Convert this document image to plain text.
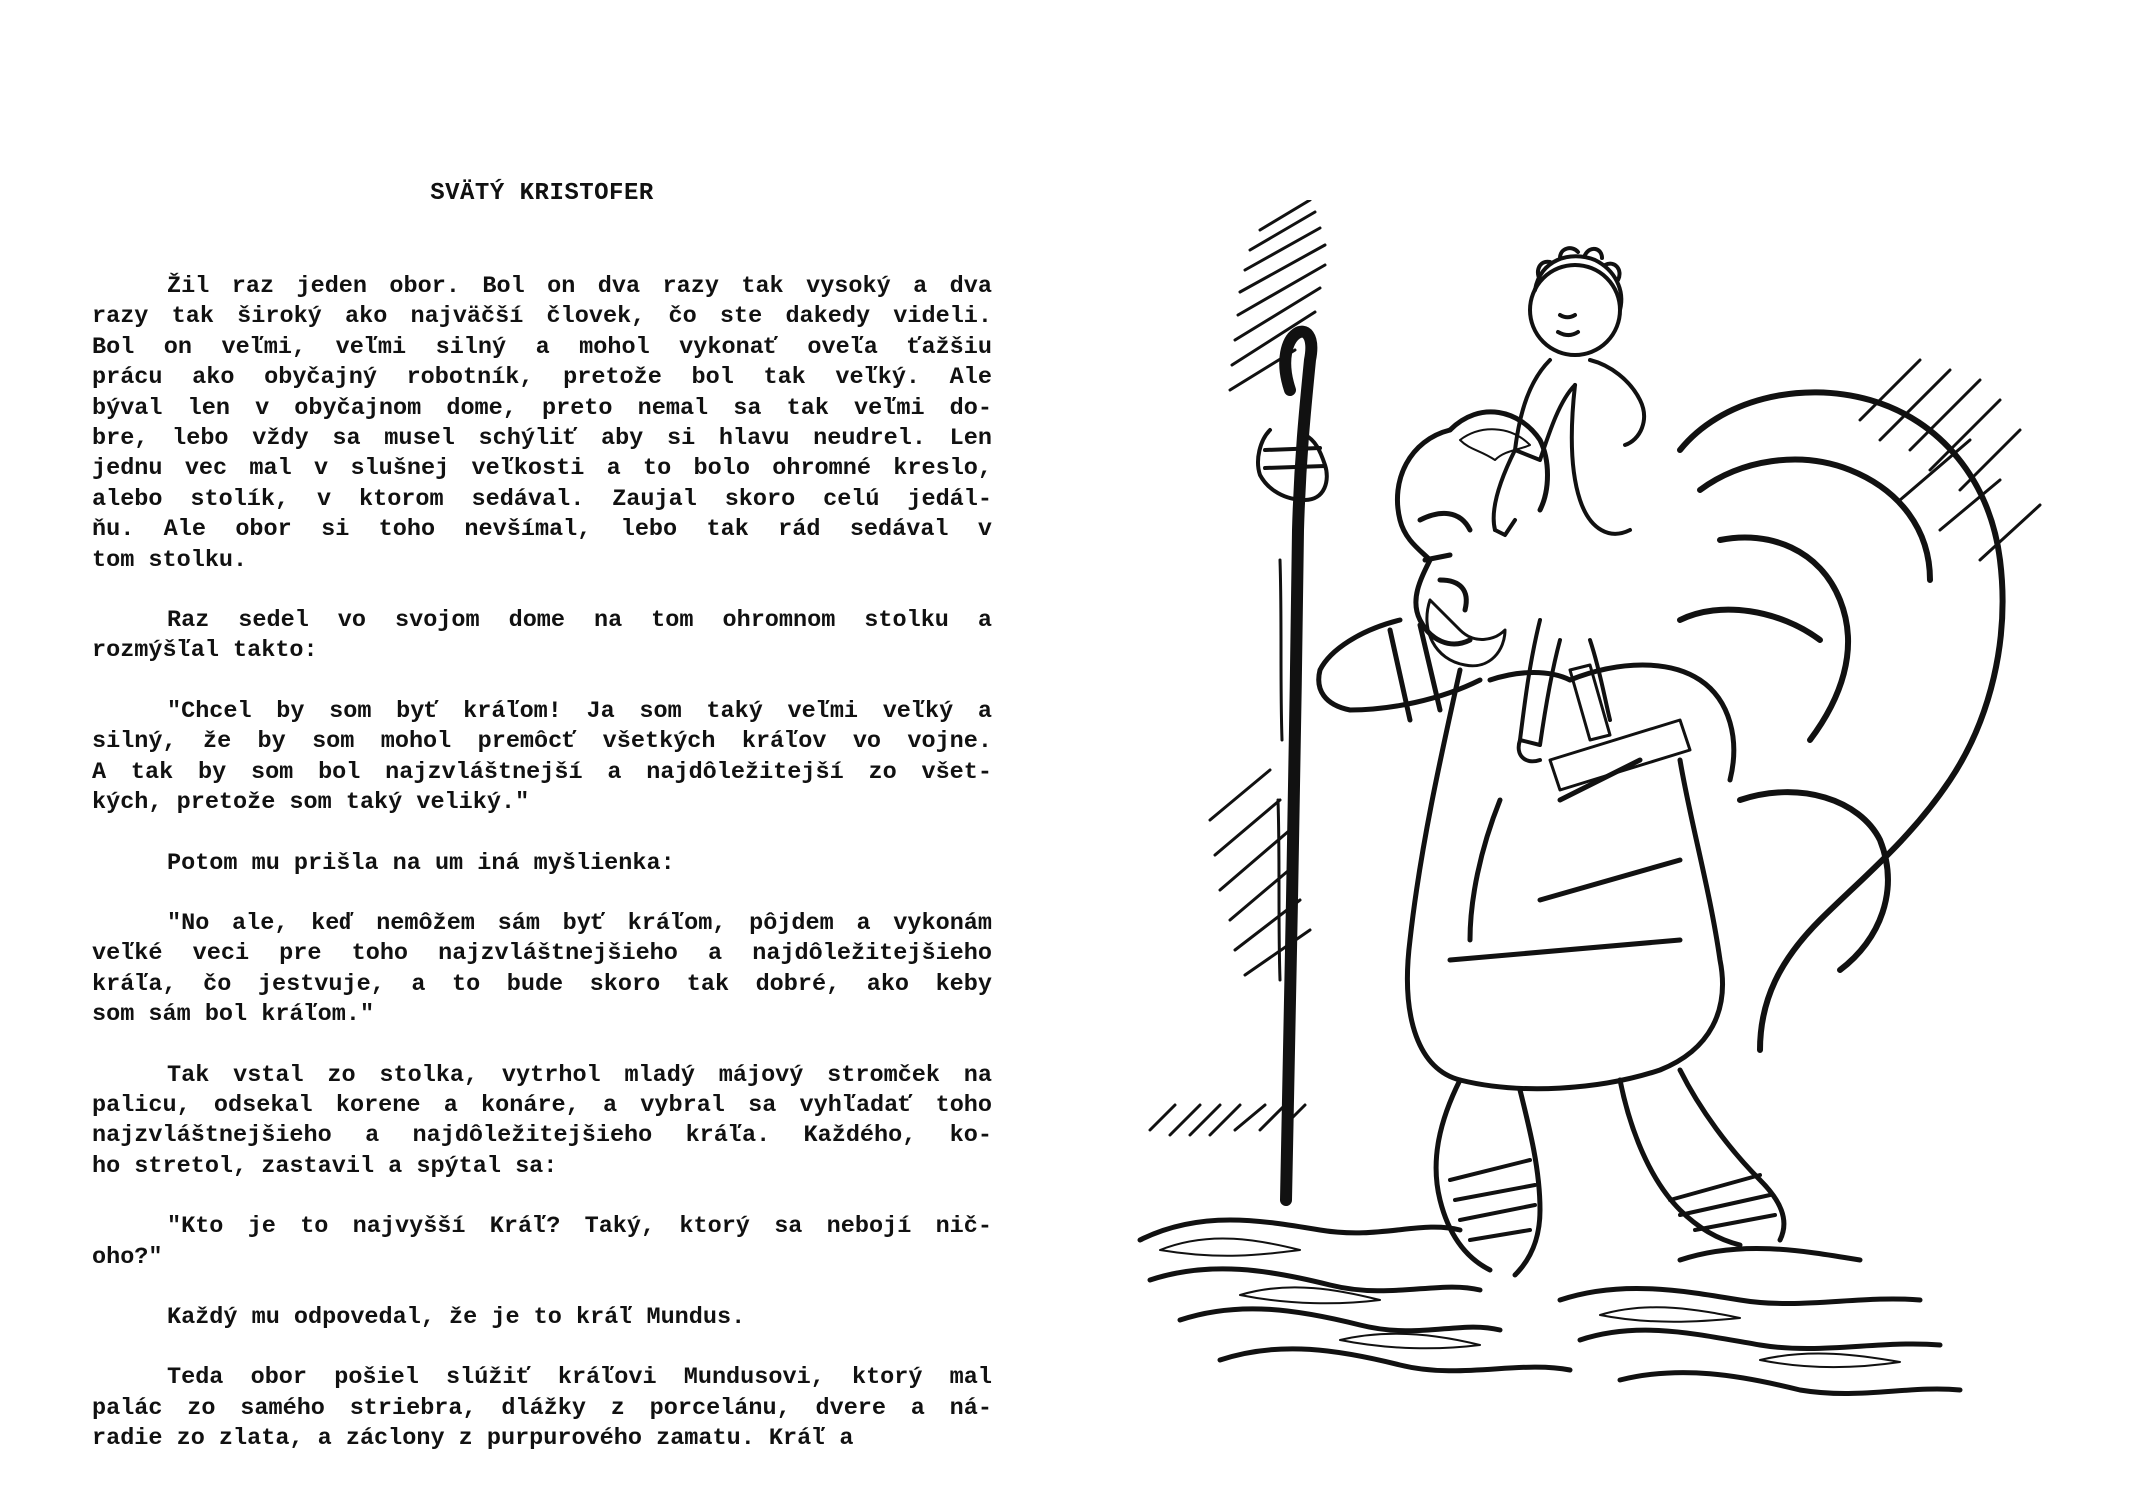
SVÄTÝ KRISTOFER
Žil raz jeden obor. Bol on dva razy tak vysoký a dva
razy tak široký ako najväčší človek, čo ste dakedy videli.
Bol on veľmi, veľmi silný a mohol vykonať oveľa ťažšiu
prácu ako obyčajný robotník, pretože bol tak veľký. Ale
býval len v obyčajnom dome, preto nemal sa tak veľmi do-
bre, lebo vždy sa musel schýliť aby si hlavu neudrel. Len
jednu vec mal v slušnej veľkosti a to bolo ohromné kreslo,
alebo stolík, v ktorom sedával. Zaujal skoro celú jedál-
ňu. Ale obor si toho nevšímal, lebo tak rád sedával v
tom stolku.
Raz sedel vo svojom dome na tom ohromnom stolku a
rozmýšľal takto:
"Chcel by som byť kráľom! Ja som taký veľmi veľký a
silný, že by som mohol premôcť všetkých kráľov vo vojne.
A tak by som bol najzvláštnejší a najdôležitejší zo všet-
kých, pretože som taký veliký."
Potom mu prišla na um iná myšlienka:
"No ale, keď nemôžem sám byť kráľom, pôjdem a vykonám
veľké veci pre toho najzvláštnejšieho a najdôležitejšieho
kráľa, čo jestvuje, a to bude skoro tak dobré, ako keby
som sám bol kráľom."
Tak vstal zo stolka, vytrhol mladý májový stromček na
palicu, odsekal korene a konáre, a vybral sa vyhľadať toho
najzvláštnejšieho a najdôležitejšieho kráľa. Každého, ko-
ho stretol, zastavil a spýtal sa:
"Kto je to najvyšší Kráľ? Taký, ktorý sa nebojí nič-
oho?"
Každý mu odpovedal, že je to kráľ Mundus.
Teda obor pošiel slúžiť kráľovi Mundusovi, ktorý mal
palác zo samého striebra, dlážky z porcelánu, dvere a ná-
radie zo zlata, a záclony z purpurového zamatu. Kráľ a
